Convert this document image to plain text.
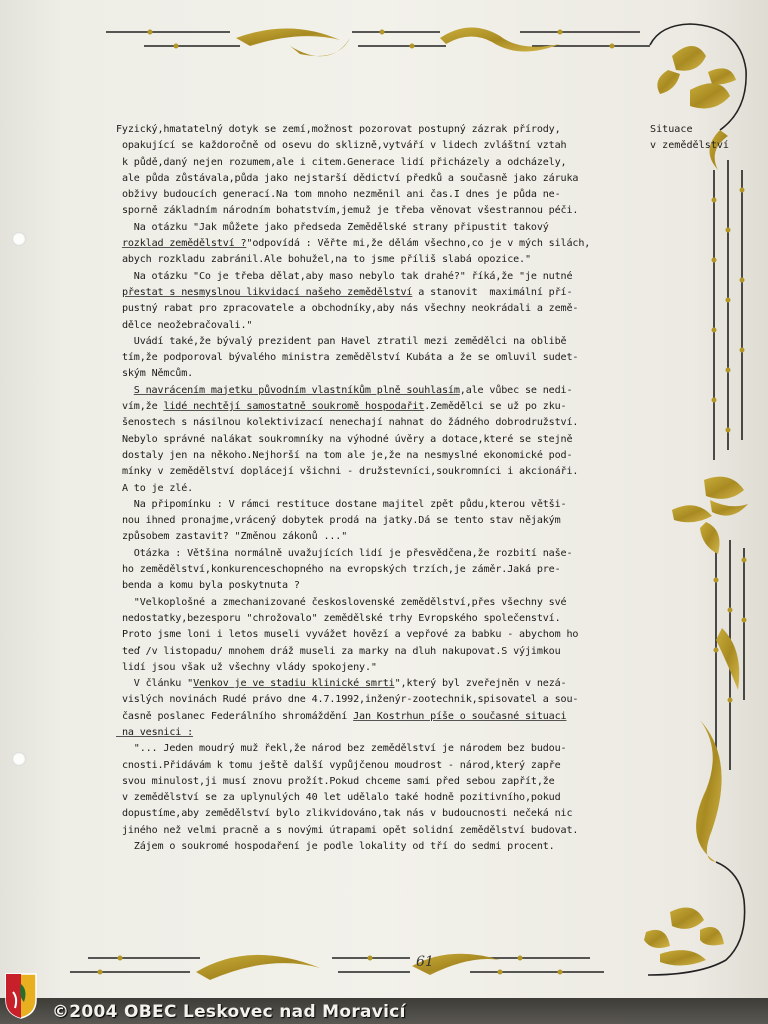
Fyzický,hmatatelný dotyk se zemí,možnost pozorovat postupný zázrak přírody,
opakující se každoročně od osevu do sklizně,vytváří v lidech zvláštní vztah
k půdě,daný nejen rozumem,ale i citem.Generace lidí přicházely a odcházely,
ale půda zůstávala,půda jako nejstarší dědictví předků a současně jako záruka
obživy budoucích generací.Na tom mnoho nezměnil ani čas.I dnes je půda ne-
sporně základním národním bohatstvím,jemuž je třeba věnovat všestrannou péči.
Na otázku "Jak můžete jako předseda Zemědělské strany připustit takový
rozklad zemědělství ?"odpovídá : Věřte mi,že dělám všechno,co je v mých silách,
abych rozkladu zabránil.Ale bohužel,na to jsme příliš slabá opozice."
Na otázku "Co je třeba dělat,aby maso nebylo tak drahé?" říká,že "je nutné
přestat s nesmyslnou likvidací našeho zemědělství a stanovit  maximální pří-
pustný rabat pro zpracovatele a obchodníky,aby nás všechny neokrádali a země-
dělce neožebračovali."
Uvádí také,že bývalý prezident pan Havel ztratil mezi zemědělci na oblibě
tím,že podporoval bývalého ministra zemědělství Kubáta a že se omluvil sudet-
ským Němcům.
S navrácením majetku původním vlastníkům plně souhlasím,ale vůbec se nedi-
vím,že lidé nechtějí samostatně soukromě hospodařit.Zemědělci se už po zku-
šenostech s násilnou kolektivizací nenechají nahnat do žádného dobrodružství.
Nebylo správné nalákat soukromníky na výhodné úvěry a dotace,které se stejně
dostaly jen na někoho.Nejhorší na tom ale je,že na nesmyslné ekonomické pod-
mínky v zemědělství doplácejí všichni - družstevníci,soukromníci i akcionáři.
A to je zlé.
Na připomínku : V rámci restituce dostane majitel zpět půdu,kterou větši-
nou ihned pronajme,vrácený dobytek prodá na jatky.Dá se tento stav nějakým
způsobem zastavit? "Změnou zákonů ..."
Otázka : Většina normálně uvažujících lidí je přesvědčena,že rozbití naše-
ho zemědělství,konkurenceschopného na evropských trzích,je záměr.Jaká pre-
benda a komu byla poskytnuta ?
"Velkoplošné a zmechanizované československé zemědělství,přes všechny své
nedostatky,bezesporu "chrožovalo" zemědělské trhy Evropského společenství.
Proto jsme loni i letos museli vyvážet hovězí a vepřové za babku - abychom ho
teď /v listopadu/ mnohem dráž museli za marky na dluh nakupovat.S výjimkou
lidí jsou však už všechny vlády spokojeny."
V článku "Venkov je ve stadiu klinické smrti",který byl zveřejněn v nezá-
vislých novinách Rudé právo dne 4.7.1992,inženýr-zootechnik,spisovatel a sou-
časně poslanec Federálního shromáždění Jan Kostrhun píše o současné situaci
na vesnici :
"... Jeden moudrý muž řekl,že národ bez zemědělství je národem bez budou-
cnosti.Přidávám k tomu ještě další vypůjčenou moudrost - národ,který zapře
svou minulost,ji musí znovu prožít.Pokud chceme sami před sebou zapřít,že
v zemědělství se za uplynulých 40 let udělalo také hodně pozitivního,pokud
dopustíme,aby zemědělství bylo zlikvidováno,tak nás v budoucnosti nečeká nic
jiného než velmi pracně a s novými útrapami opět solidní zemědělství budovat.
Zájem o soukromé hospodaření je podle lokality od tří do sedmi procent.
Situace
v zemědělství
61
©2004 OBEC Leskovec nad Moravicí
